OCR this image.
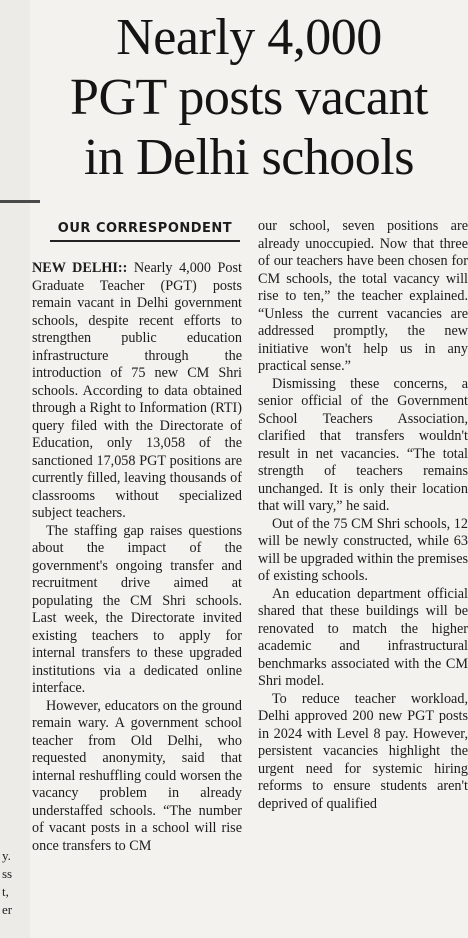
y.
ss
t,
er
Nearly 4,000
PGT posts vacant
in Delhi schools
OUR CORRESPONDENT

NEW DELHI:: Nearly 4,000 Post Graduate Teacher (PGT) posts remain vacant in Delhi government schools, despite recent efforts to strengthen public education infrastructure through the introduction of 75 new CM Shri schools. According to data obtained through a Right to Information (RTI) query filed with the Directorate of Education, only 13,058 of the sanctioned 17,058 PGT positions are currently filled, leaving thousands of classrooms without specialized subject teachers.

The staffing gap raises questions about the impact of the government's ongoing transfer and recruitment drive aimed at populating the CM Shri schools. Last week, the Directorate invited existing teachers to apply for internal transfers to these upgraded institutions via a dedicated online interface.

However, educators on the ground remain wary. A government school teacher from Old Delhi, who requested anonymity, said that internal reshuffling could worsen the vacancy problem in already understaffed schools. “The number of vacant posts in a school will rise once transfers to CM

our school, seven positions are already unoccupied. Now that three of our teachers have been chosen for CM schools, the total vacancy will rise to ten,” the teacher explained. “Unless the current vacancies are addressed promptly, the new initiative won't help us in any practical sense.”

Dismissing these concerns, a senior official of the Government School Teachers Association, clarified that transfers wouldn't result in net vacancies. “The total strength of teachers remains unchanged. It is only their location that will vary,” he said.

Out of the 75 CM Shri schools, 12 will be newly constructed, while 63 will be upgraded within the premises of existing schools.

An education department official shared that these buildings will be renovated to match the higher academic and infrastructural benchmarks associated with the CM Shri model.

To reduce teacher workload, Delhi approved 200 new PGT posts in 2024 with Level 8 pay. However, persistent vacancies highlight the urgent need for systemic hiring reforms to ensure students aren't deprived of qualified
